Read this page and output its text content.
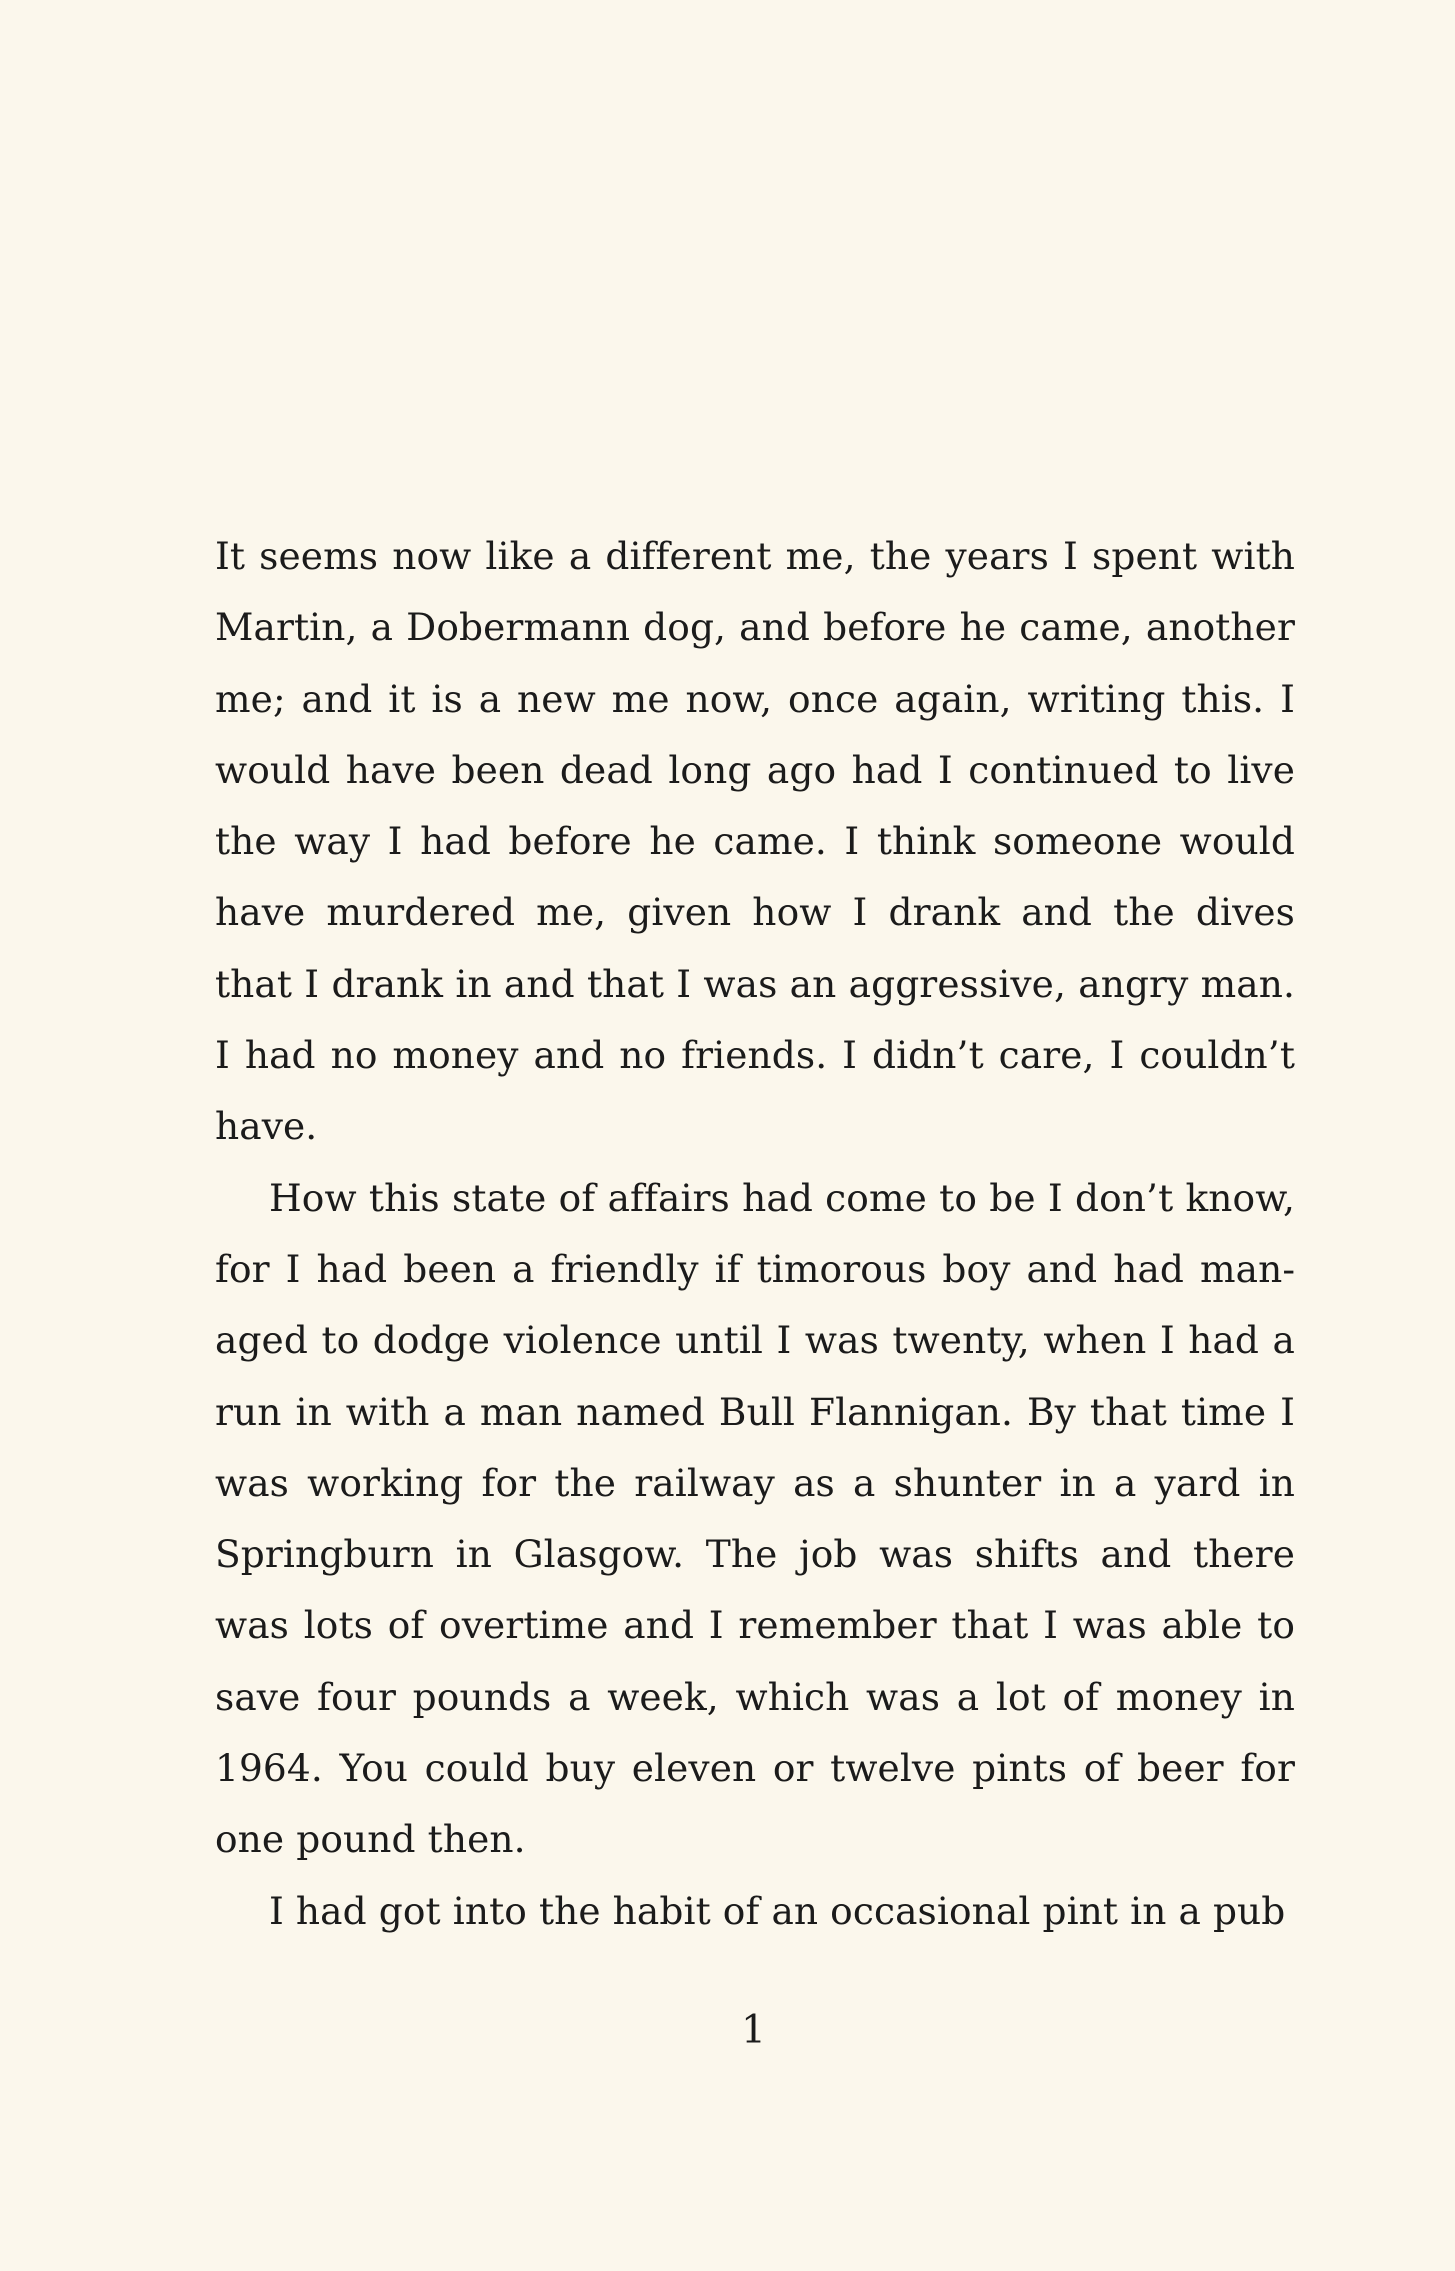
It seems now like a different me, the years I spent with Martin, a Dobermann dog, and before he came, another me; and it is a new me now, once again, writing this. I would have been dead long ago had I continued to live the way I had before he came. I think someone would have murdered me, given how I drank and the dives that I drank in and that I was an aggressive, angry man. I had no money and no friends. I didn’t care, I couldn’t have.

How this state of affairs had come to be I don’t know, for I had been a friendly if timorous boy and had managed to dodge violence until I was twenty, when I had a run in with a man named Bull Flannigan. By that time I was working for the railway as a shunter in a yard in Springburn in Glasgow. The job was shifts and there was lots of overtime and I remember that I was able to save four pounds a week, which was a lot of money in 1964. You could buy eleven or twelve pints of beer for one pound then.

I had got into the habit of an occasional pint in a pub

1
